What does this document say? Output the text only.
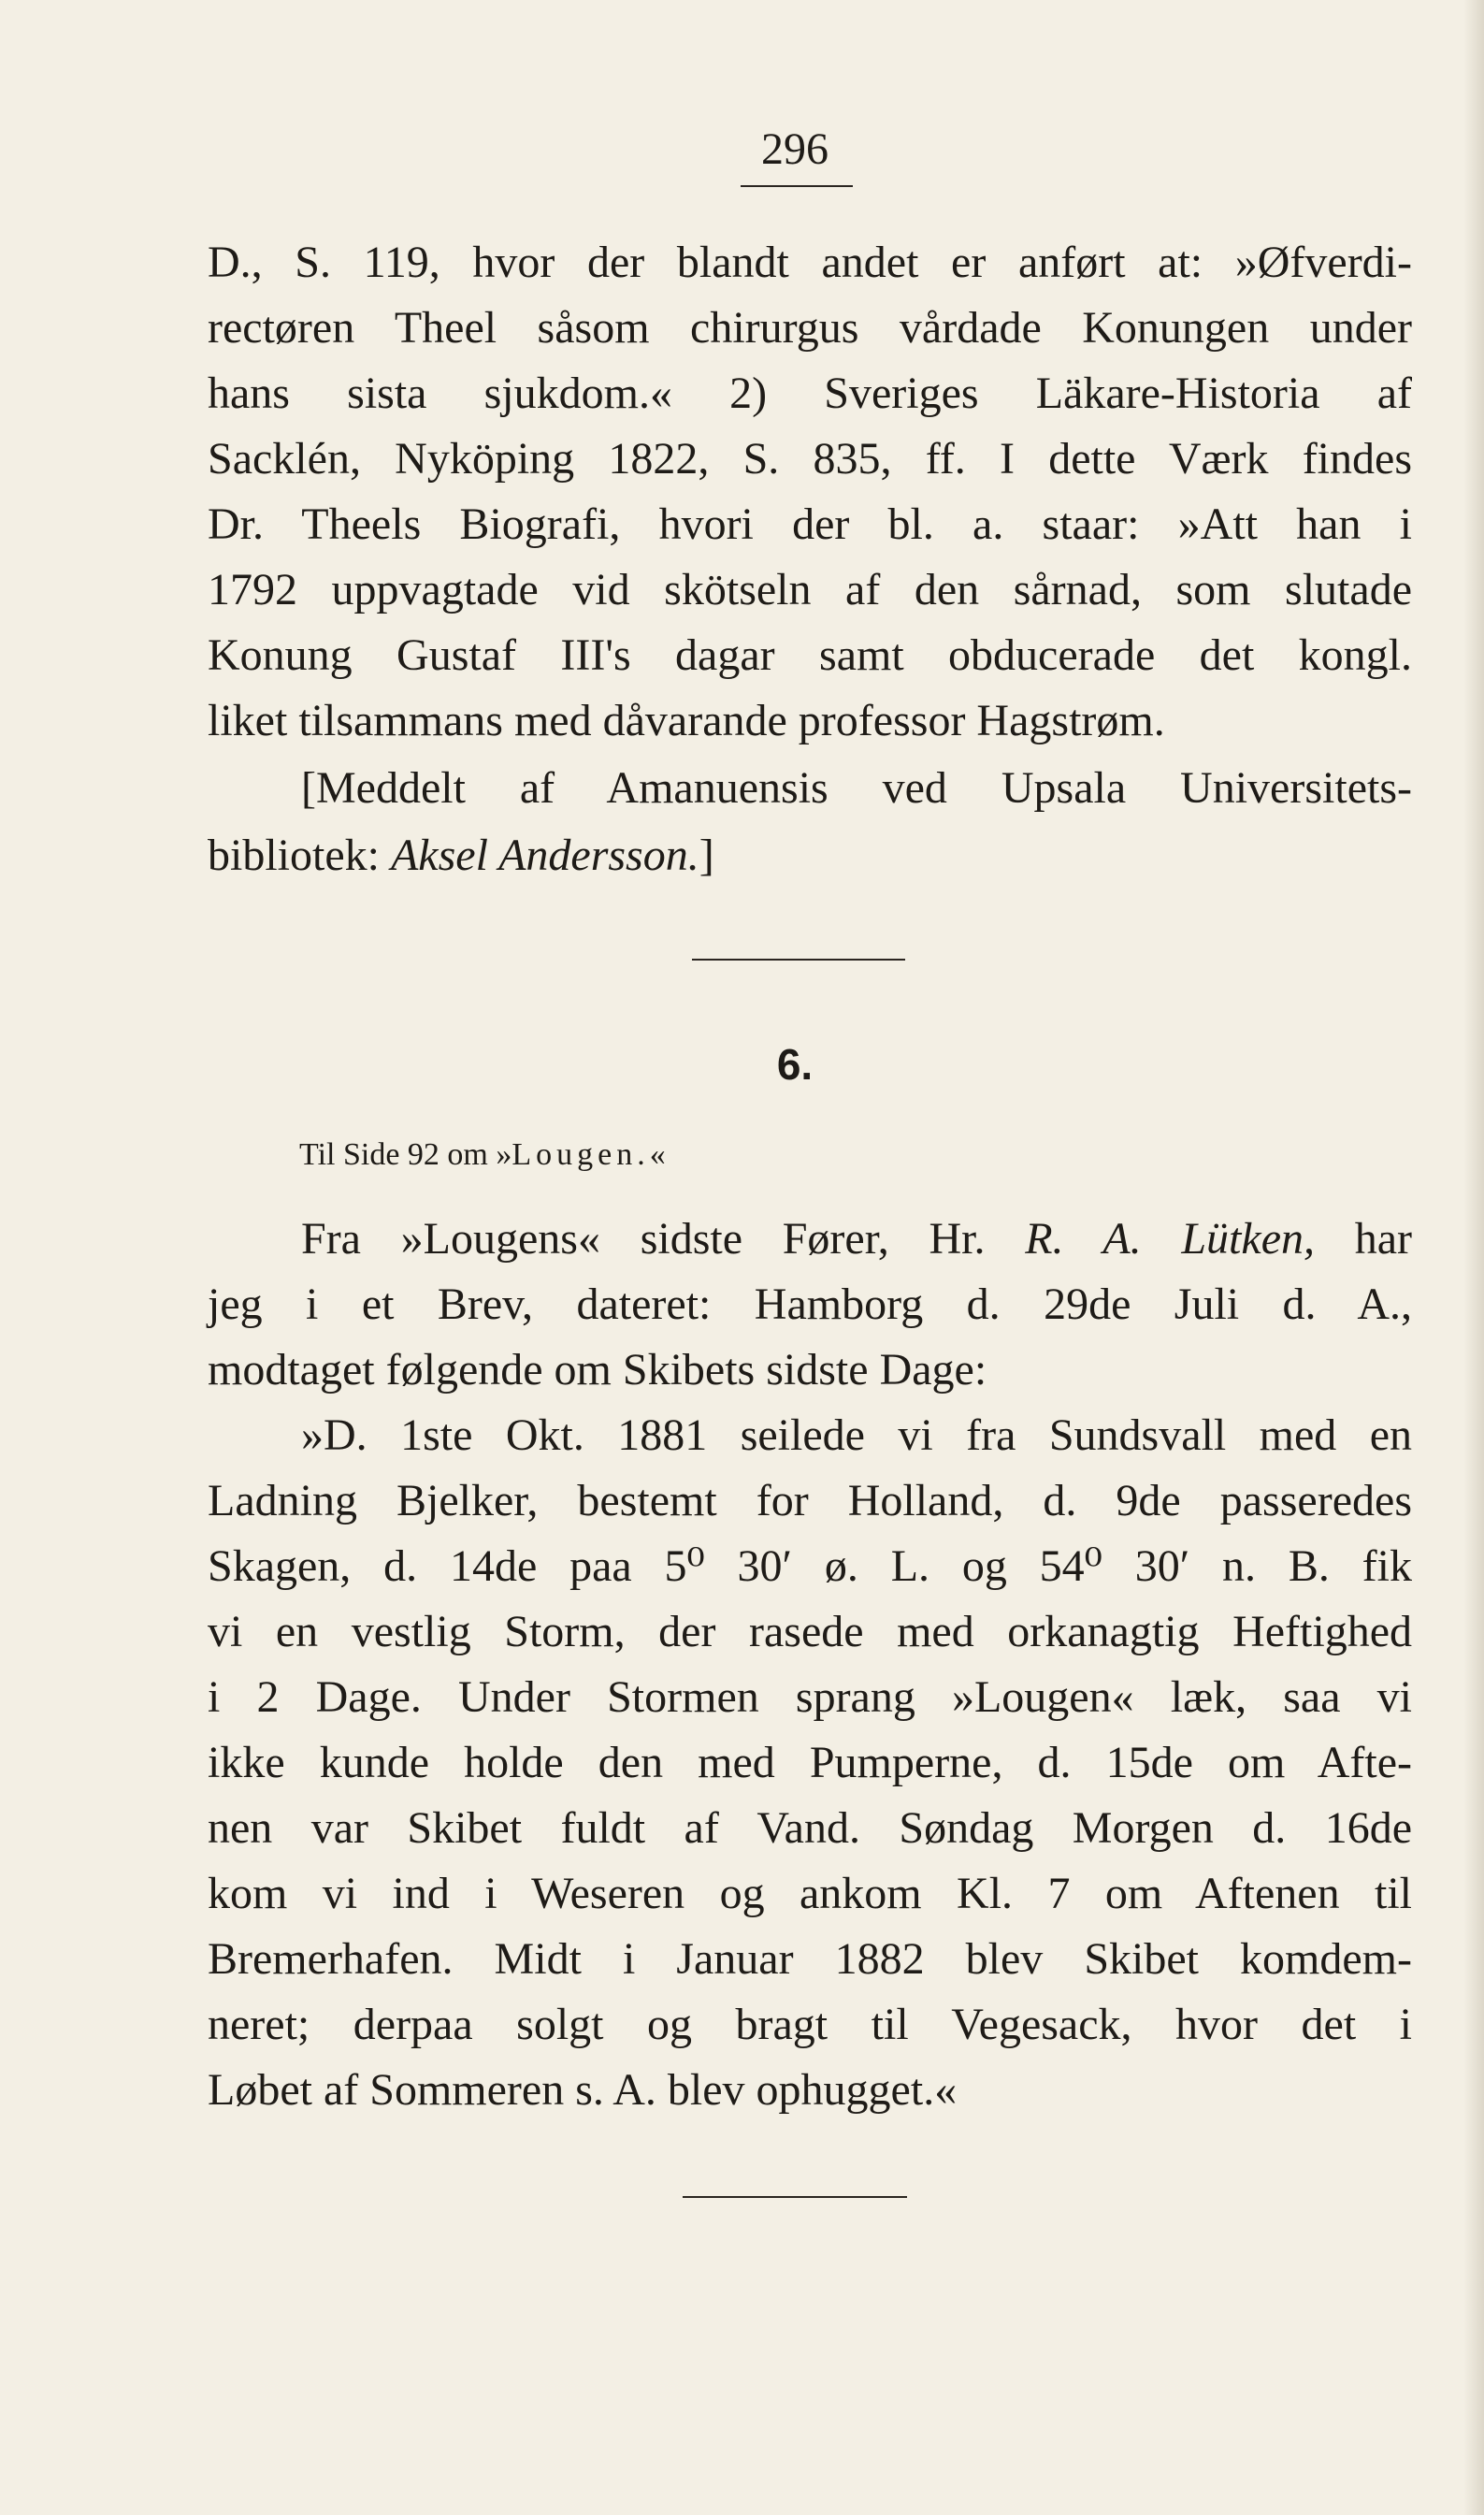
296
D., S. 119, hvor der blandt andet er anført at: »Øfverdi-
rectøren Theel såsom chirurgus vårdade Konungen under
hans sista sjukdom.« 2) Sveriges Läkare-Historia af
Sacklén, Nyköping 1822, S. 835, ff. I dette Værk findes
Dr. Theels Biografi, hvori der bl. a. staar: »Att han i
1792 uppvagtade vid skötseln af den sårnad, som slutade
Konung Gustaf III's dagar samt obducerade det kongl.
liket tilsammans med dåvarande professor Hagstrøm.
[Meddelt af Amanuensis ved Upsala Universitets-
bibliotek: Aksel Andersson.]
6.
Til Side 92 om »Lougen.«
Fra »Lougens« sidste Fører, Hr. R. A. Lütken, har
jeg i et Brev, dateret: Hamborg d. 29de Juli d. A.,
modtaget følgende om Skibets sidste Dage:
»D. 1ste Okt. 1881 seilede vi fra Sundsvall med en
Ladning Bjelker, bestemt for Holland, d. 9de passeredes
Skagen, d. 14de paa 5⁰ 30′ ø. L. og 54⁰ 30′ n. B. fik
vi en vestlig Storm, der rasede med orkanagtig Heftighed
i 2 Dage. Under Stormen sprang »Lougen« læk, saa vi
ikke kunde holde den med Pumperne, d. 15de om Afte-
nen var Skibet fuldt af Vand. Søndag Morgen d. 16de
kom vi ind i Weseren og ankom Kl. 7 om Aftenen til
Bremerhafen. Midt i Januar 1882 blev Skibet komdem-
neret; derpaa solgt og bragt til Vegesack, hvor det i
Løbet af Sommeren s. A. blev ophugget.«
